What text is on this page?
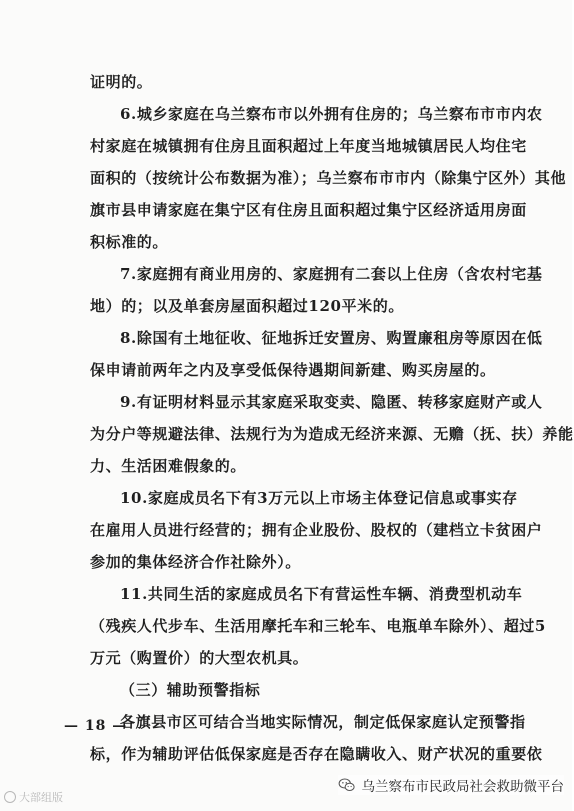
证明的。

6.城乡家庭在乌兰察布市以外拥有住房的；乌兰察布市市内农
村家庭在城镇拥有住房且面积超过上年度当地城镇居民人均住宅
面积的（按统计公布数据为准）；乌兰察布市市内（除集宁区外）其他
旗市县申请家庭在集宁区有住房且面积超过集宁区经济适用房面
积标准的。

7.家庭拥有商业用房的、家庭拥有二套以上住房（含农村宅基
地）的；以及单套房屋面积超过120平米的。

8.除国有土地征收、征地拆迁安置房、购置廉租房等原因在低
保申请前两年之内及享受低保待遇期间新建、购买房屋的。

9.有证明材料显示其家庭采取变卖、隐匿、转移家庭财产或人
为分户等规避法律、法规行为为造成无经济来源、无赡（抚、扶）养能
力、生活困难假象的。

10.家庭成员名下有3万元以上市场主体登记信息或事实存
在雇用人员进行经营的；拥有企业股份、股权的（建档立卡贫困户
参加的集体经济合作社除外）。

11.共同生活的家庭成员名下有营运性车辆、消费型机动车
（残疾人代步车、生活用摩托车和三轮车、电瓶单车除外）、超过5
万元（购置价）的大型农机具。

（三）辅助预警指标

各旗县市区可结合当地实际情况，制定低保家庭认定预警指
标，作为辅助评估低保家庭是否存在隐瞒收入、财产状况的重要依

— 18 —
大部组版
乌兰察布市民政局社会救助微平台
